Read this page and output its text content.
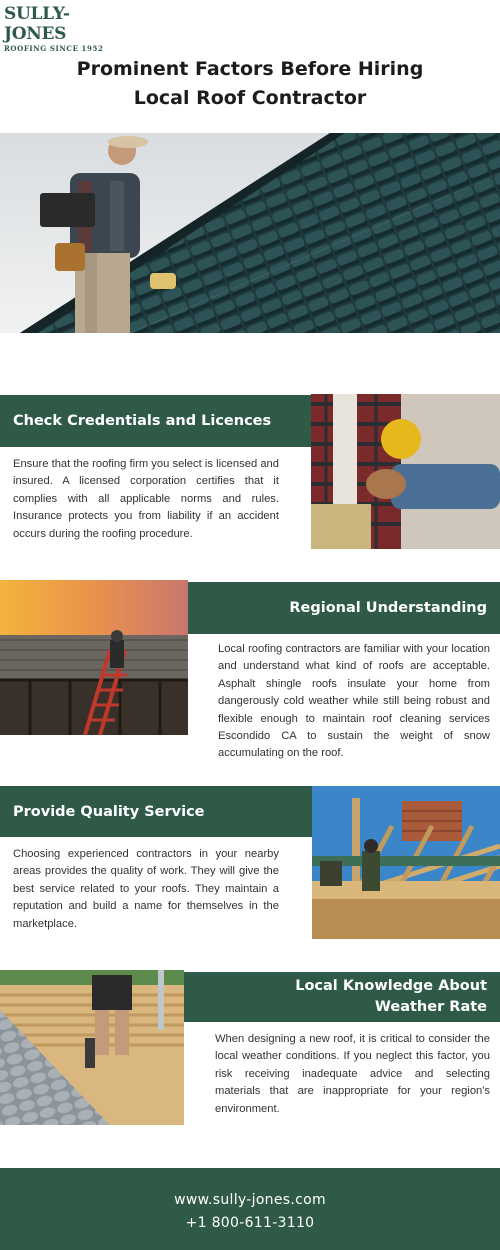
SULLY-JONES
ROOFING SINCE 1952
Prominent Factors Before Hiring
Local Roof Contractor
Check Credentials and Licences
Ensure that the roofing firm you select is licensed and insured. A licensed corporation certifies that it complies with all applicable norms and rules. Insurance protects you from liability if an accident occurs during the roofing procedure.
Regional Understanding
Local roofing contractors are familiar with your location and understand what kind of roofs are acceptable. Asphalt shingle roofs insulate your home from dangerously cold weather while still being robust and flexible enough to maintain roof cleaning services Escondido CA to sustain the weight of snow accumulating on the roof.
Provide Quality Service
Choosing experienced contractors in your nearby areas provides the quality of work. They will give the best service related to your roofs. They maintain a reputation and build a name for themselves in the marketplace.
Local Knowledge About
Weather Rate
When designing a new roof, it is critical to consider the local weather conditions. If you neglect this factor, you risk receiving inadequate advice and selecting materials that are inappropriate for your region's environment.
www.sully-jones.com
+1 800-611-3110
